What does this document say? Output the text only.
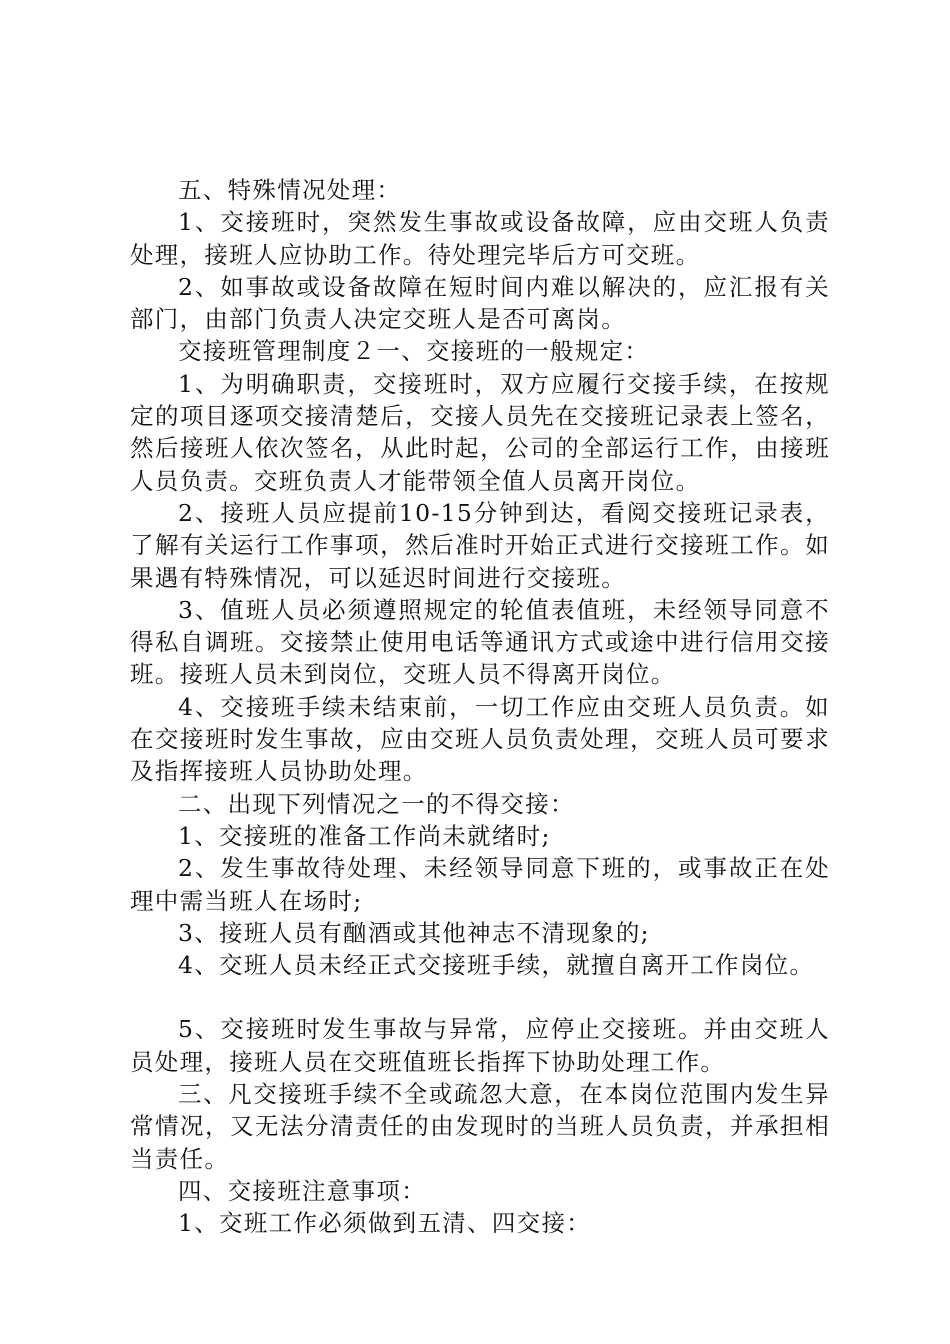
五、特殊情况处理：

1、交接班时，突然发生事故或设备故障，应由交班人负责处理，接班人应协助工作。待处理完毕后方可交班。

2、如事故或设备故障在短时间内难以解决的，应汇报有关部门，由部门负责人决定交班人是否可离岗。

交接班管理制度２一、交接班的一般规定：

1、为明确职责，交接班时，双方应履行交接手续，在按规定的项目逐项交接清楚后，交接人员先在交接班记录表上签名，然后接班人依次签名，从此时起，公司的全部运行工作，由接班人员负责。交班负责人才能带领全值人员离开岗位。

2、接班人员应提前10-15分钟到达，看阅交接班记录表，了解有关运行工作事项，然后准时开始正式进行交接班工作。如果遇有特殊情况，可以延迟时间进行交接班。

3、值班人员必须遵照规定的轮值表值班，未经领导同意不得私自调班。交接禁止使用电话等通讯方式或途中进行信用交接班。接班人员未到岗位，交班人员不得离开岗位。

4、交接班手续未结束前，一切工作应由交班人员负责。如在交接班时发生事故，应由交班人员负责处理，交班人员可要求及指挥接班人员协助处理。

二、出现下列情况之一的不得交接：

1、交接班的准备工作尚未就绪时;

2、发生事故待处理、未经领导同意下班的，或事故正在处理中需当班人在场时;

3、接班人员有酗酒或其他神志不清现象的;

4、交班人员未经正式交接班手续，就擅自离开工作岗位。

5、交接班时发生事故与异常，应停止交接班。并由交班人员处理，接班人员在交班值班长指挥下协助处理工作。

三、凡交接班手续不全或疏忽大意，在本岗位范围内发生异常情况，又无法分清责任的由发现时的当班人员负责，并承担相当责任。

四、交接班注意事项：

1、交班工作必须做到五清、四交接：
